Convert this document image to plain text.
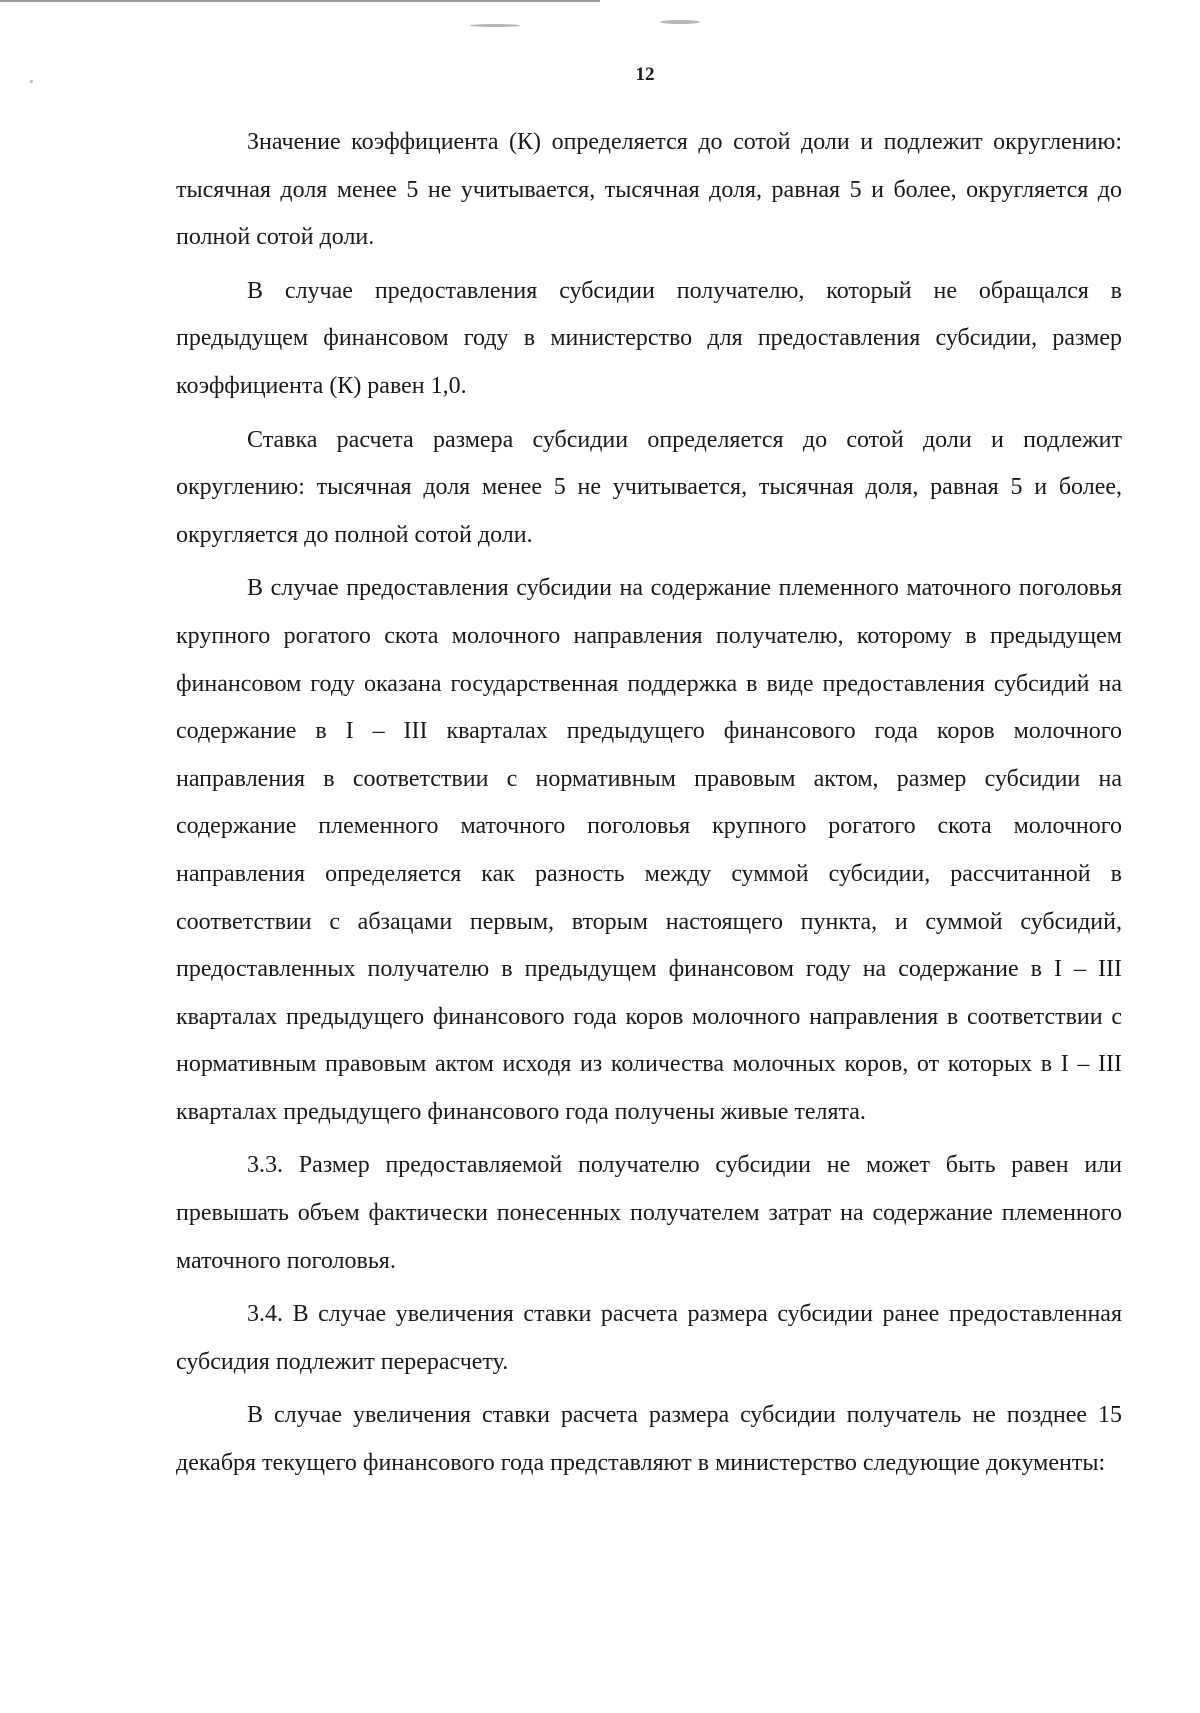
12

Значение коэффициента (К) определяется до сотой доли и подлежит округлению: тысячная доля менее 5 не учитывается, тысячная доля, равная 5 и более, округляется до полной сотой доли.

В случае предоставления субсидии получателю, который не обращался в предыдущем финансовом году в министерство для предоставления субсидии, размер коэффициента (К) равен 1,0.

Ставка расчета размера субсидии определяется до сотой доли и подлежит округлению: тысячная доля менее 5 не учитывается, тысячная доля, равная 5 и более, округляется до полной сотой доли.

В случае предоставления субсидии на содержание племенного маточного поголовья крупного рогатого скота молочного направления получателю, которому в предыдущем финансовом году оказана государственная поддержка в виде предоставления субсидий на содержание в I – III кварталах предыдущего финансового года коров молочного направления в соответствии с нормативным правовым актом, размер субсидии на содержание племенного маточного поголовья крупного рогатого скота молочного направления определяется как разность между суммой субсидии, рассчитанной в соответствии с абзацами первым, вторым настоящего пункта, и суммой субсидий, предоставленных получателю в предыдущем финансовом году на содержание в I – III кварталах предыдущего финансового года коров молочного направления в соответствии с нормативным правовым актом исходя из количества молочных коров, от которых в I – III кварталах предыдущего финансового года получены живые телята.

3.3. Размер предоставляемой получателю субсидии не может быть равен или превышать объем фактически понесенных получателем затрат на содержание племенного маточного поголовья.

3.4. В случае увеличения ставки расчета размера субсидии ранее предоставленная субсидия подлежит перерасчету.

В случае увеличения ставки расчета размера субсидии получатель не позднее 15 декабря текущего финансового года представляют в министерство следующие документы:
